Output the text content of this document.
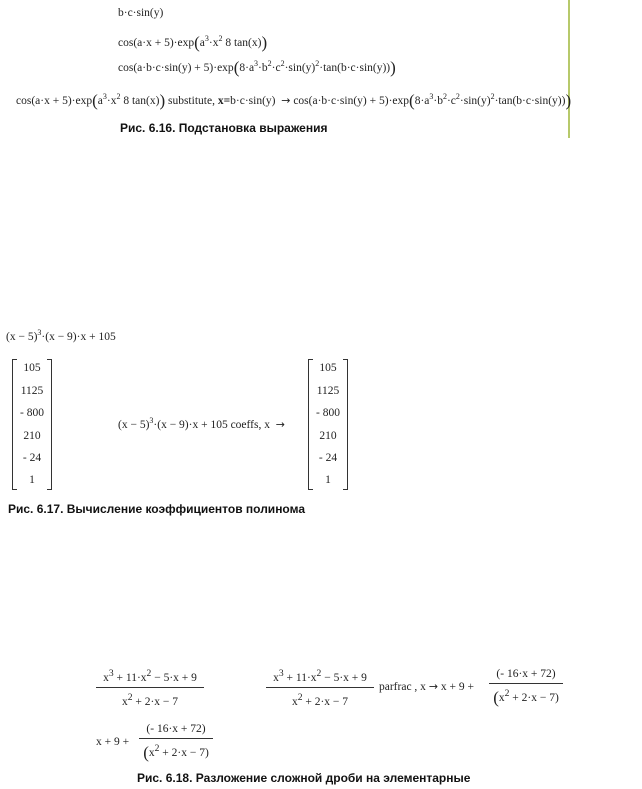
b·c·sin(y)
$\cos(a\cdot x + 5)\cdot\exp(a^3\cdot x^2$ 8 tan(x))
$\cos(a\cdot b\cdot c\cdot\sin(y) + 5)\cdot\exp(8\cdot a^3\cdot b^2\cdot c^2\cdot\sin(y)^2\cdot\tan(b\cdot c\cdot\sin(y)))$
$\cos(a\cdot x + 5)\cdot\exp(a^3\cdot x^2$ 8 tan(x)) substitute, $x=b\cdot c\cdot\sin(y) \to \cos(a\cdot b\cdot c\cdot\sin(y) + 5)\cdot\exp(8\cdot a^3\cdot b^2\cdot c^2\cdot\sin(y)^2\cdot\tan(b\cdot c\cdot\sin(y)))$
Рис. 6.16. Подстановка выражения
$(x - 5)^3\cdot(x - 9)\cdot x + 105$
105
1125
- 800
210
- 24
1
$(x - 5)^3\cdot(x - 9)\cdot x + 105$ coeffs, x →
105
1125
- 800
210
- 24
1
Рис. 6.17. Вычисление коэффициентов полинома
$x^3 + 11\cdot x^2 - 5\cdot x + 9$
$x^2 + 2\cdot x - 7$
$x^3 + 11\cdot x^2 - 5\cdot x + 9$
$x^2 + 2\cdot x - 7$
parfrac , x → x + 9 +
(- 16·x + 72)
$(x^2 + 2\cdot x - 7)$
x + 9 +
(- 16·x + 72)
$(x^2 + 2\cdot x - 7)$
Рис. 6.18. Разложение сложной дроби на элементарные
